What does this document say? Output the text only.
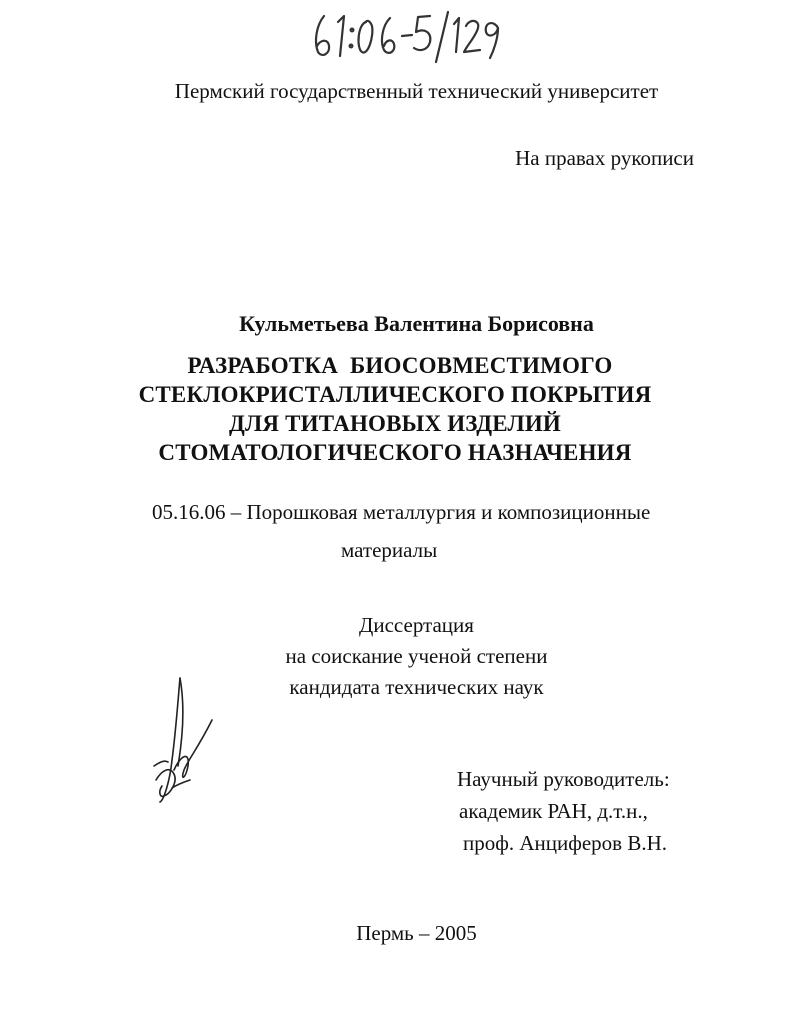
Пермский государственный технический университет
На правах рукописи
Кульметьева Валентина Борисовна
РАЗРАБОТКА  БИОСОВМЕСТИМОГО
СТЕКЛОКРИСТАЛЛИЧЕСКОГО ПОКРЫТИЯ
ДЛЯ ТИТАНОВЫХ ИЗДЕЛИЙ
СТОМАТОЛОГИЧЕСКОГО НАЗНАЧЕНИЯ
05.16.06 – Порошковая металлургия и композиционные
материалы
Диссертация
на соискание ученой степени
кандидата технических наук
Научный руководитель:
академик РАН, д.т.н.,
проф. Анциферов В.Н.
Пермь – 2005
